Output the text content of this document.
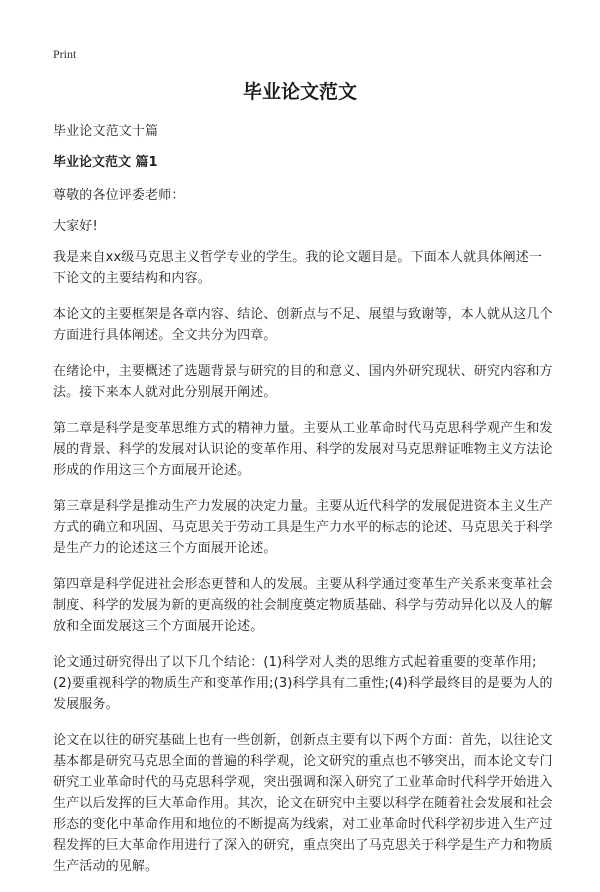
Print
毕业论文范文

毕业论文范文十篇

毕业论文范文 篇1

尊敬的各位评委老师：

大家好!

我是来自xx级马克思主义哲学专业的学生。我的论文题目是。下面本人就具体阐述一下论文的主要结构和内容。

本论文的主要框架是各章内容、结论、创新点与不足、展望与致谢等，本人就从这几个方面进行具体阐述。全文共分为四章。

在绪论中，主要概述了选题背景与研究的目的和意义、国内外研究现状、研究内容和方法。接下来本人就对此分别展开阐述。

第二章是科学是变革思维方式的精神力量。主要从工业革命时代马克思科学观产生和发展的背景、科学的发展对认识论的变革作用、科学的发展对马克思辩证唯物主义方法论形成的作用这三个方面展开论述。

第三章是科学是推动生产力发展的决定力量。主要从近代科学的发展促进资本主义生产方式的确立和巩固、马克思关于劳动工具是生产力水平的标志的论述、马克思关于科学是生产力的论述这三个方面展开论述。

第四章是科学促进社会形态更替和人的发展。主要从科学通过变革生产关系来变革社会制度、科学的发展为新的更高级的社会制度奠定物质基础、科学与劳动异化以及人的解放和全面发展这三个方面展开论述。

论文通过研究得出了以下几个结论：(1)科学对人类的思维方式起着重要的变革作用;(2)要重视科学的物质生产和变革作用;(3)科学具有二重性;(4)科学最终目的是要为人的发展服务。

论文在以往的研究基础上也有一些创新，创新点主要有以下两个方面：首先，以往论文基本都是研究马克思全面的普遍的科学观，论文研究的重点也不够突出，而本论文专门研究工业革命时代的马克思科学观，突出强调和深入研究了工业革命时代科学开始进入生产以后发挥的巨大革命作用。其次，论文在研究中主要以科学在随着社会发展和社会形态的变化中革命作用和地位的不断提高为线索，对工业革命时代科学初步进入生产过程发挥的巨大革命作用进行了深入的研究，重点突出了马克思关于科学是生产力和物质生产活动的见解。
